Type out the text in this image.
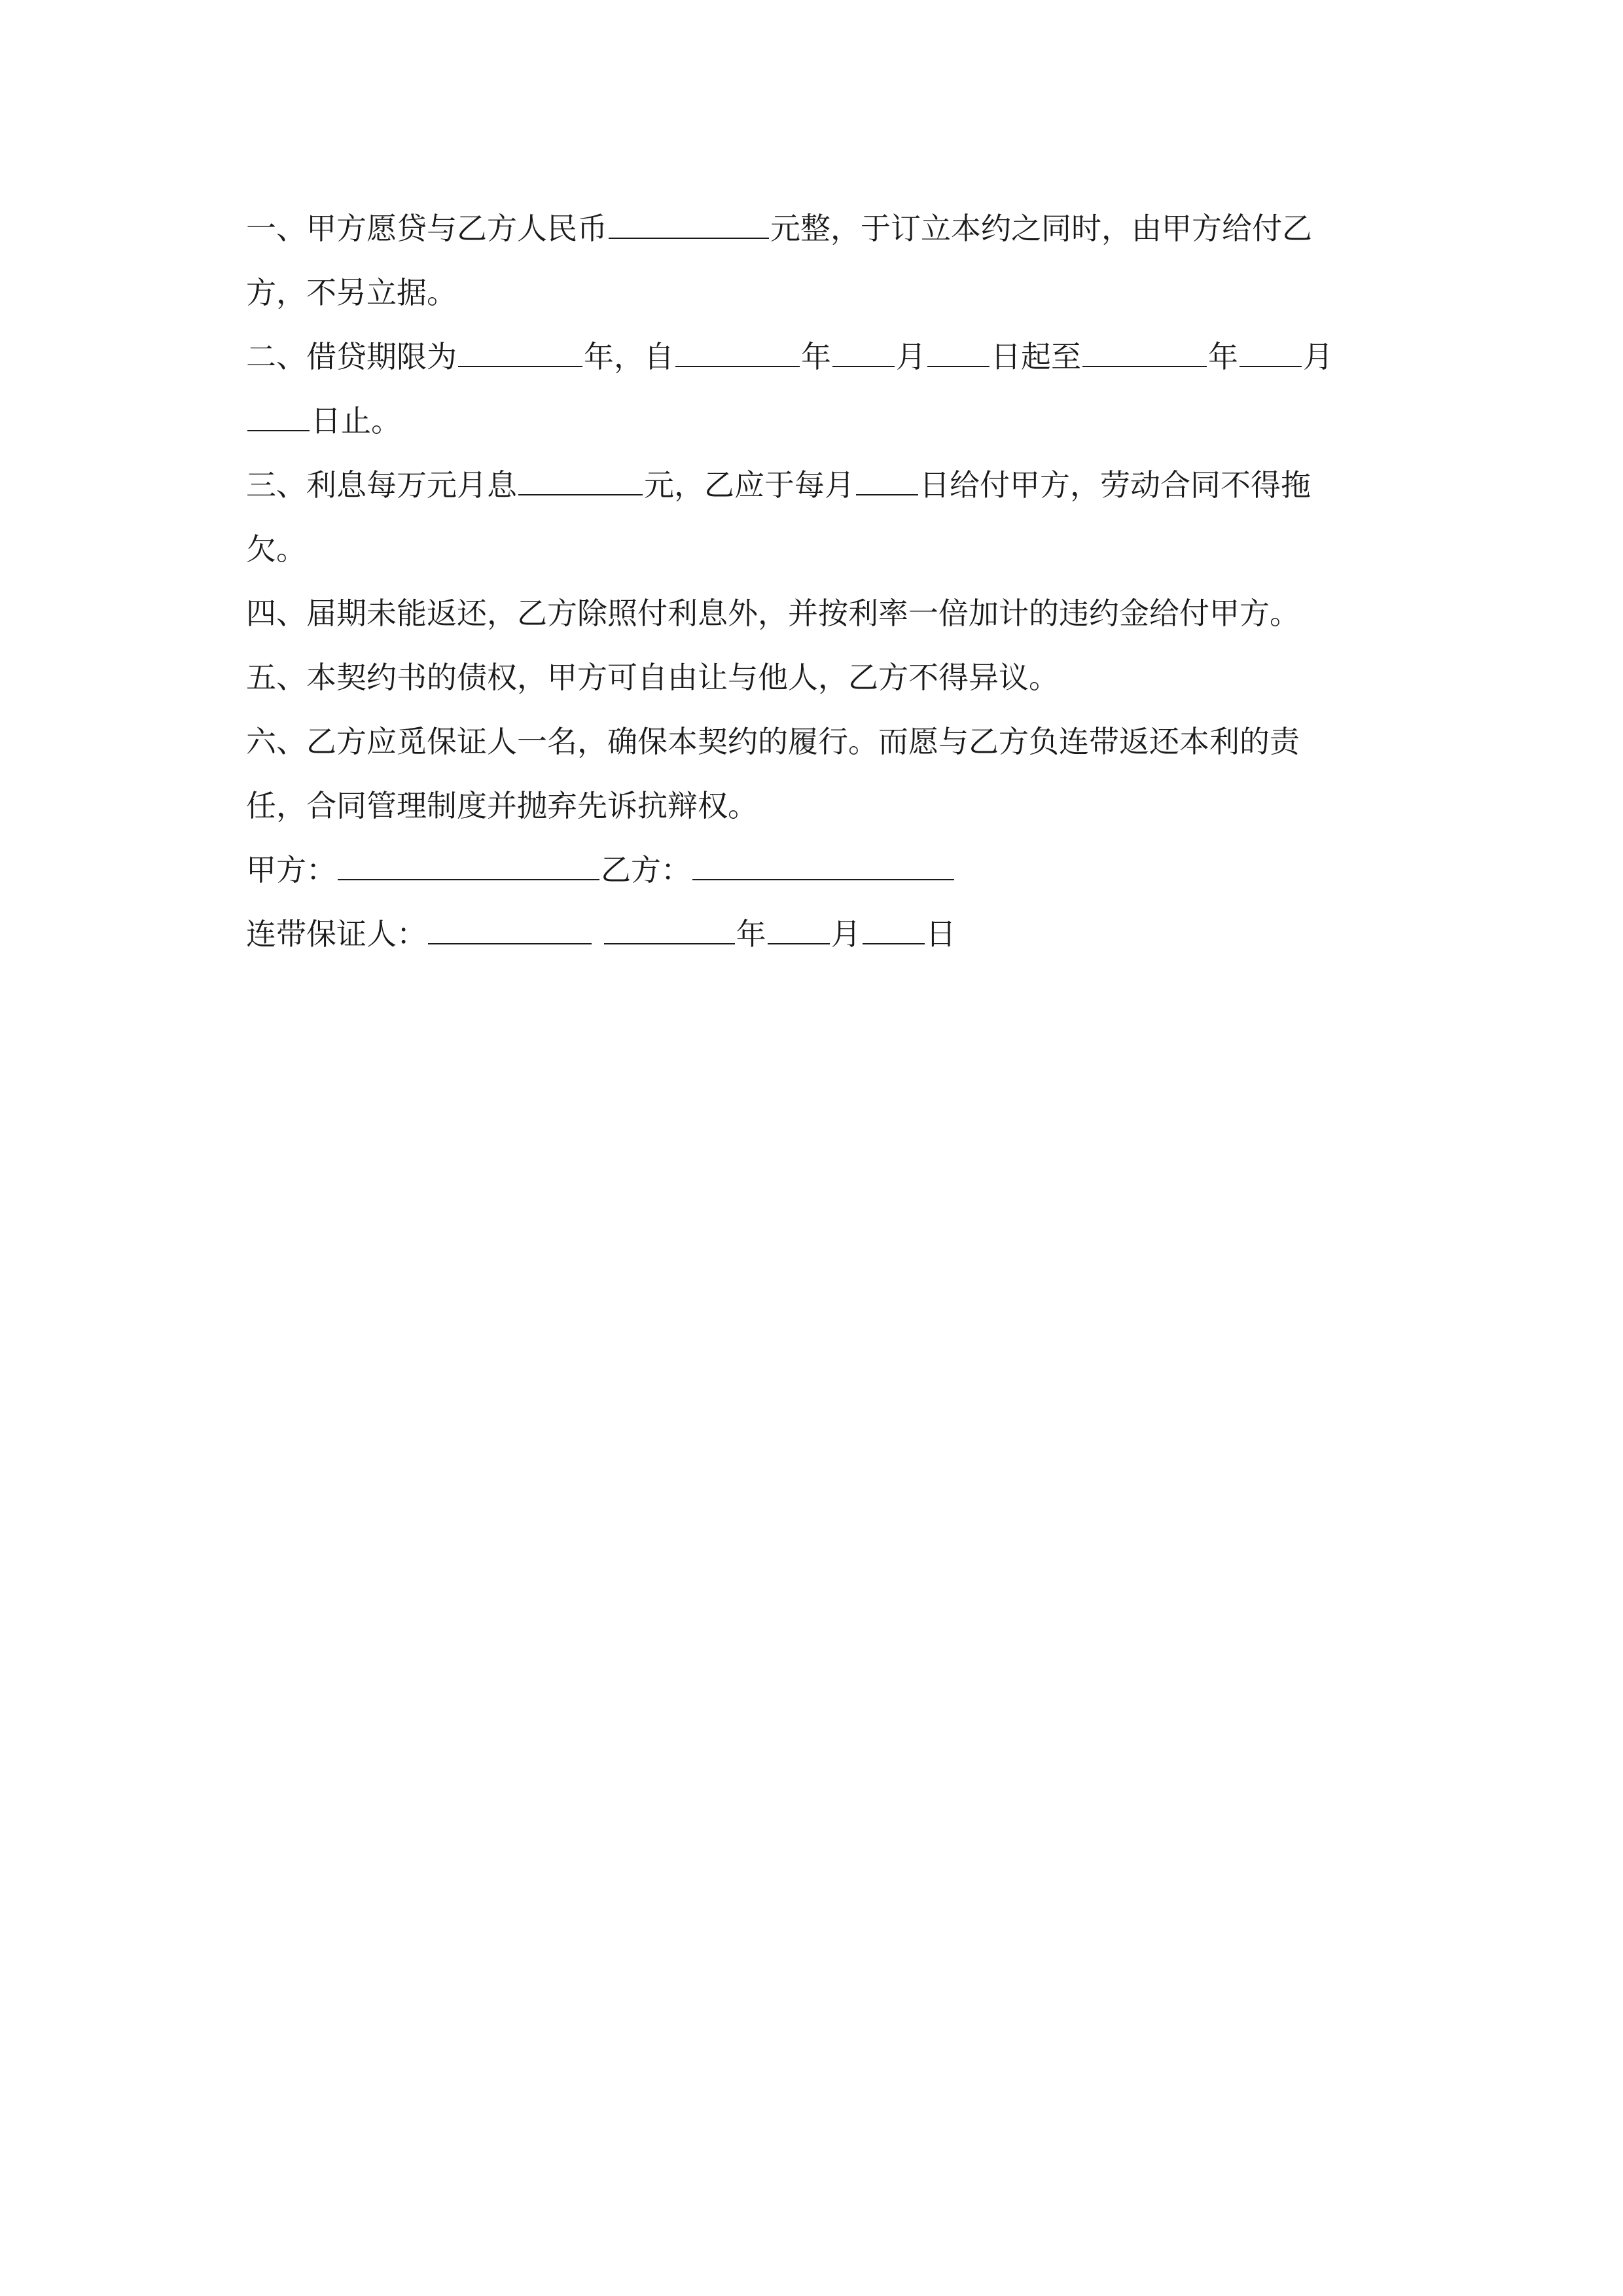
一、甲方愿贷与乙方人民币	元整，于订立本约之同时，由甲方给付乙
方，不另立据。
二、借贷期限为	年，自	年 月 日起至	年 月
日止。
三、利息每万元月息	元，乙应于每月 日给付甲方，劳动合同不得拖
欠。
四、届期未能返还，乙方除照付利息外，并按利率一倍加计的违约金给付甲方。
五、本契约书的债权，甲方可自由让与他人，乙方不得异议。
六、乙方应觅保证人一名，确保本契约的履行。而愿与乙方负连带返还本利的责
任，合同管理制度并抛弃先诉抗辩权。
甲方：	乙方：
连带保证人：	年 月 日
